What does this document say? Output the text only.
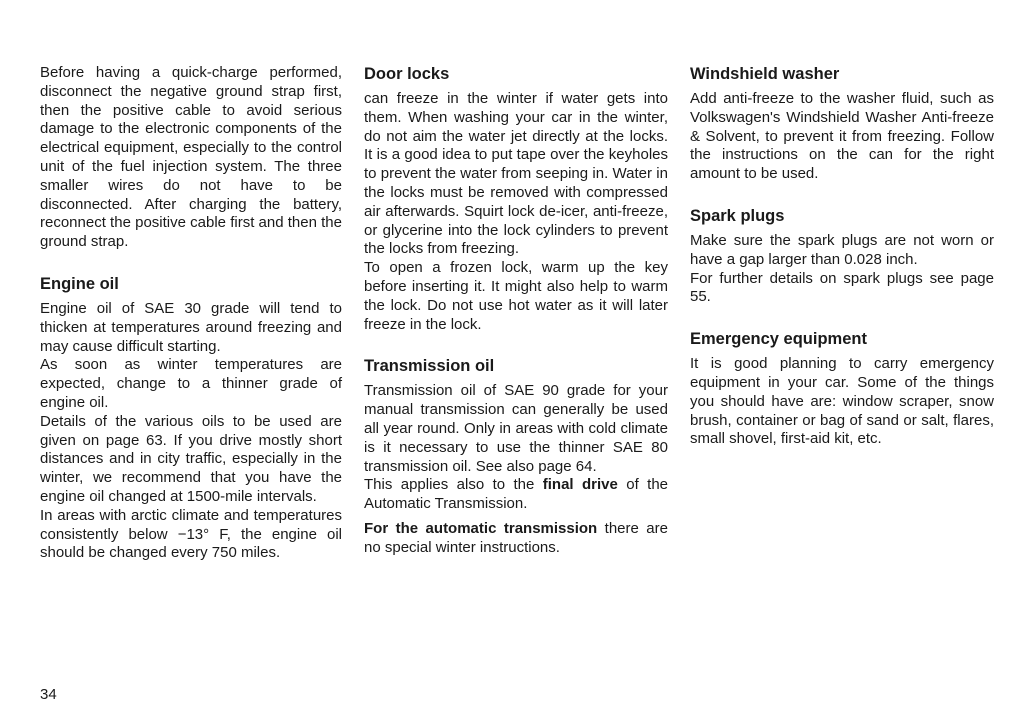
Before having a quick-charge performed, disconnect the negative ground strap first, then the positive cable to avoid serious damage to the electronic components of the electrical equipment, especially to the control unit of the fuel injection system. The three smaller wires do not have to be disconnected. After charging the battery, reconnect the positive cable first and then the ground strap.

Engine oil

Engine oil of SAE 30 grade will tend to thicken at temperatures around freezing and may cause difficult starting.

As soon as winter temperatures are expected, change to a thinner grade of engine oil.

Details of the various oils to be used are given on page 63. If you drive mostly short distances and in city traffic, especially in the winter, we recommend that you have the engine oil changed at 1500-mile intervals.

In areas with arctic climate and temperatures consistently below −13° F, the engine oil should be changed every 750 miles.

Door locks

can freeze in the winter if water gets into them. When washing your car in the winter, do not aim the water jet directly at the locks. It is a good idea to put tape over the keyholes to prevent the water from seeping in. Water in the locks must be removed with compressed air afterwards. Squirt lock de-icer, anti-freeze, or glycerine into the lock cylinders to prevent the locks from freezing.

To open a frozen lock, warm up the key before inserting it. It might also help to warm the lock. Do not use hot water as it will later freeze in the lock.

Transmission oil

Transmission oil of SAE 90 grade for your manual transmission can generally be used all year round. Only in areas with cold climate is it necessary to use the thinner SAE 80 transmission oil. See also page 64.

This applies also to the final drive of the Automatic Transmission.

For the automatic transmission there are no special winter instructions.

Windshield washer

Add anti-freeze to the washer fluid, such as Volkswagen's Windshield Washer Anti-freeze & Solvent, to prevent it from freezing. Follow the instructions on the can for the right amount to be used.

Spark plugs

Make sure the spark plugs are not worn or have a gap larger than 0.028 inch.

For further details on spark plugs see page 55.

Emergency equipment

It is good planning to carry emergency equipment in your car. Some of the things you should have are: window scraper, snow brush, container or bag of sand or salt, flares, small shovel, first-aid kit, etc.

34
